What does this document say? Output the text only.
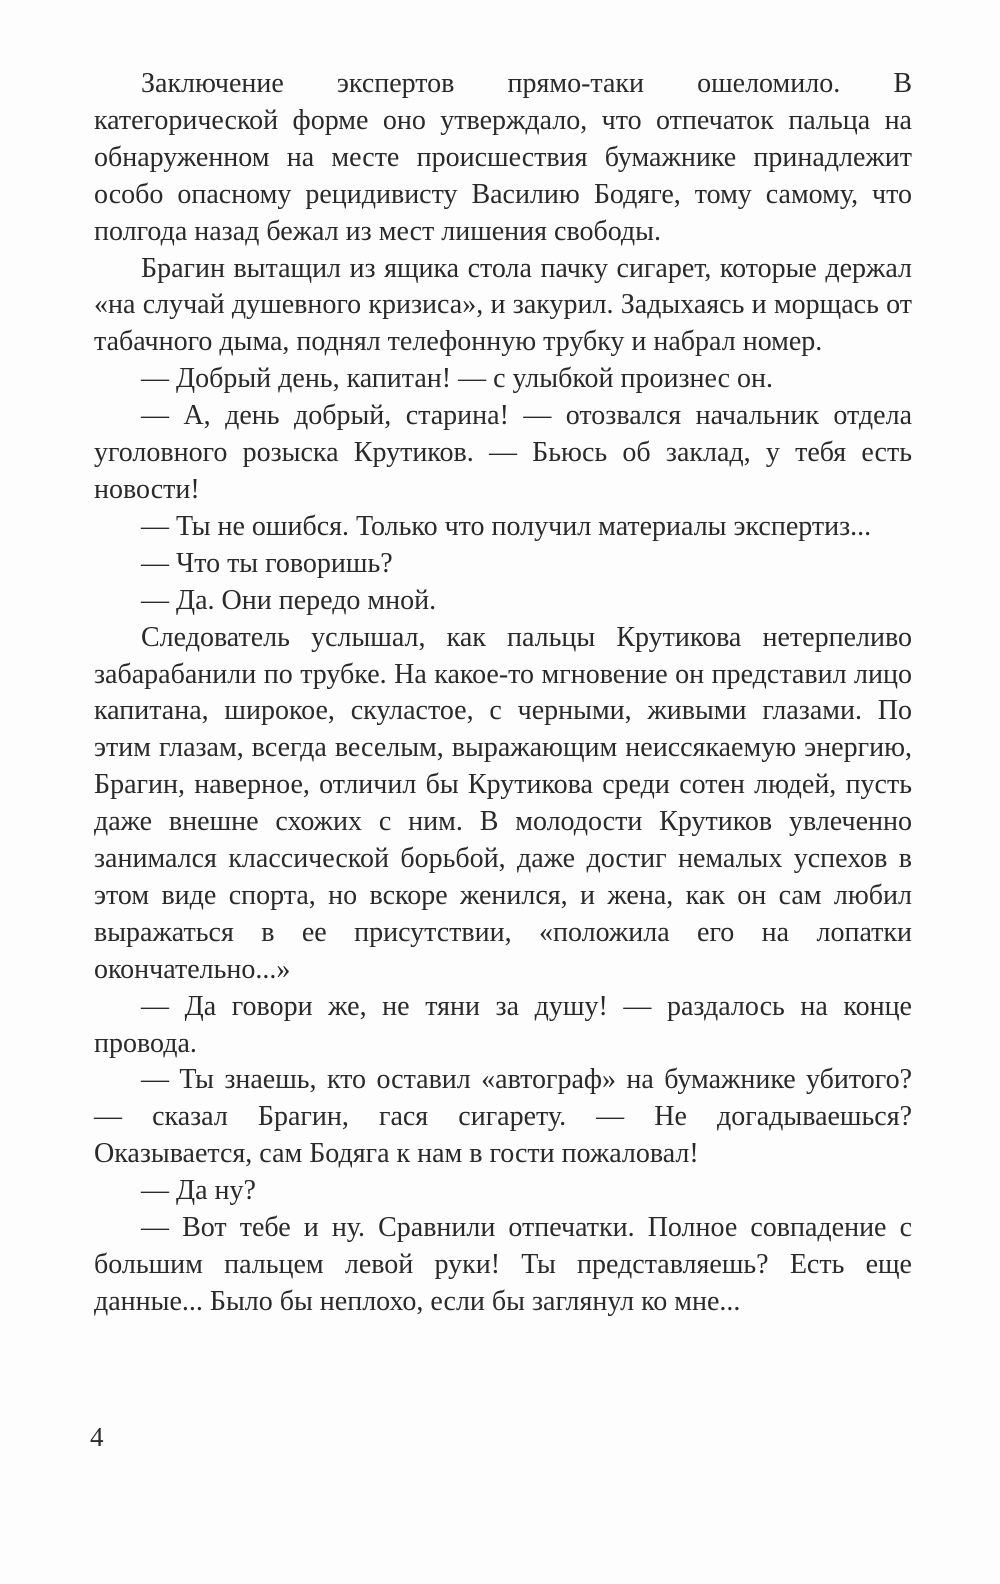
Заключение экспертов прямо-таки ошеломило. В категорической форме оно утверждало, что отпечаток пальца на обнаруженном на месте происшествия бумажнике принадлежит особо опасному рецидивисту Василию Бодяге, тому самому, что полгода назад бежал из мест лишения свободы.

Брагин вытащил из ящика стола пачку сигарет, которые держал «на случай душевного кризиса», и закурил. Задыхаясь и морщась от табачного дыма, поднял телефонную трубку и набрал номер.

— Добрый день, капитан! — с улыбкой произнес он.

— А, день добрый, старина! — отозвался начальник отдела уголовного розыска Крутиков. — Бьюсь об заклад, у тебя есть новости!

— Ты не ошибся. Только что получил материалы экспертиз...

— Что ты говоришь?

— Да. Они передо мной.

Следователь услышал, как пальцы Крутикова нетерпеливо забарабанили по трубке. На какое-то мгновение он представил лицо капитана, широкое, скуластое, с черными, живыми глазами. По этим глазам, всегда веселым, выражающим неиссякаемую энергию, Брагин, наверное, отличил бы Крутикова среди сотен людей, пусть даже внешне схожих с ним. В молодости Крутиков увлеченно занимался классической борьбой, даже достиг немалых успехов в этом виде спорта, но вскоре женился, и жена, как он сам любил выражаться в ее присутствии, «положила его на лопатки окончательно...»

— Да говори же, не тяни за душу! — раздалось на конце провода.

— Ты знаешь, кто оставил «автограф» на бумажнике убитого? — сказал Брагин, гася сигарету. — Не догадываешься? Оказывается, сам Бодяга к нам в гости пожаловал!

— Да ну?

— Вот тебе и ну. Сравнили отпечатки. Полное совпадение с большим пальцем левой руки! Ты представляешь? Есть еще данные... Было бы неплохо, если бы заглянул ко мне...

4
